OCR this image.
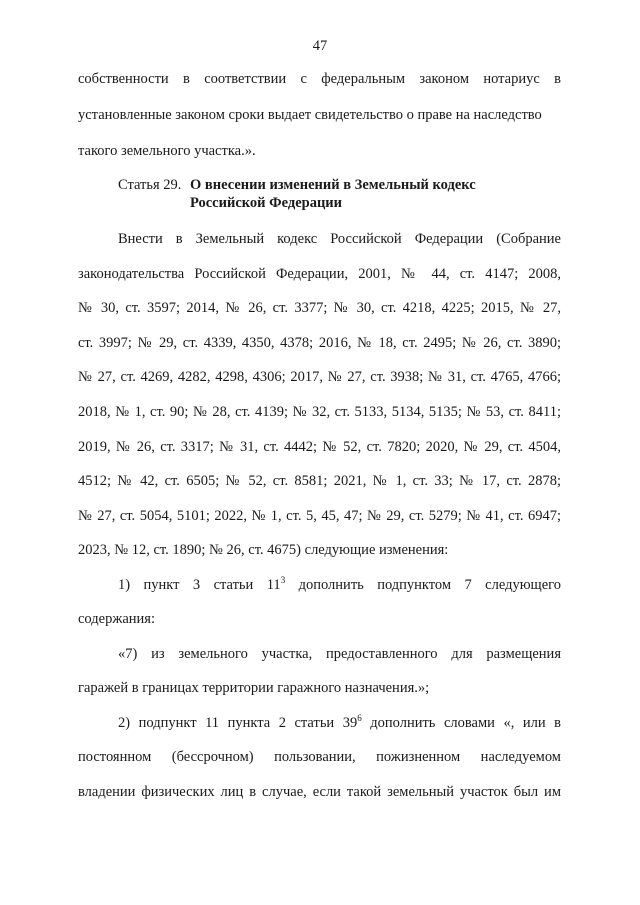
47
собственности в соответствии с федеральным законом нотариус в
установленные законом сроки выдает свидетельство о праве на наследство
такого земельного участка.».
Статья 29. О внесении изменений в Земельный кодекс
Российской Федерации
Внести в Земельный кодекс Российской Федерации (Собрание
законодательства Российской Федерации, 2001, № 44, ст. 4147; 2008,
№ 30, ст. 3597; 2014, № 26, ст. 3377; № 30, ст. 4218, 4225; 2015, № 27,
ст. 3997; № 29, ст. 4339, 4350, 4378; 2016, № 18, ст. 2495; № 26, ст. 3890;
№ 27, ст. 4269, 4282, 4298, 4306; 2017, № 27, ст. 3938; № 31, ст. 4765, 4766;
2018, № 1, ст. 90; № 28, ст. 4139; № 32, ст. 5133, 5134, 5135; № 53, ст. 8411;
2019, № 26, ст. 3317; № 31, ст. 4442; № 52, ст. 7820; 2020, № 29, ст. 4504,
4512; № 42, ст. 6505; № 52, ст. 8581; 2021, № 1, ст. 33; № 17, ст. 2878;
№ 27, ст. 5054, 5101; 2022, № 1, ст. 5, 45, 47; № 29, ст. 5279; № 41, ст. 6947;
2023, № 12, ст. 1890; № 26, ст. 4675) следующие изменения:
1) пункт 3 статьи $11^3$ дополнить подпунктом 7 следующего
содержания:
«7) из земельного участка, предоставленного для размещения
гаражей в границах территории гаражного назначения.»;
2) подпункт 11 пункта 2 статьи $39^6$ дополнить словами «, или в
постоянном (бессрочном) пользовании, пожизненном наследуемом
владении физических лиц в случае, если такой земельный участок был им
